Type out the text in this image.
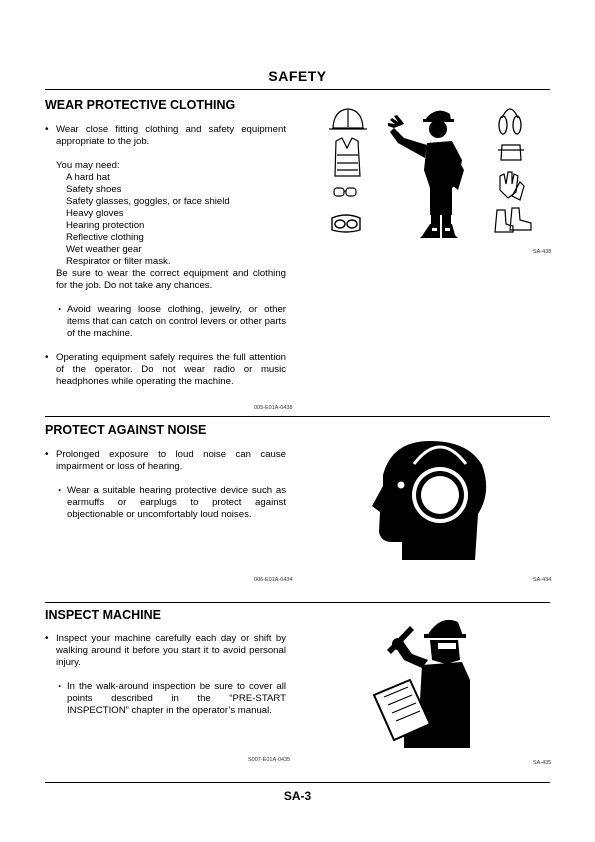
SAFETY
WEAR PROTECTIVE CLOTHING
• Wear close fitting clothing and safety equipment appropriate to the job.
You may need:
A hard hat
Safety shoes
Safety glasses, goggles, or face shield
Heavy gloves
Hearing protection
Reflective clothing
Wet weather gear
Respirator or filter mask.
Be sure to wear the correct equipment and clothing for the job. Do not take any chances.
· Avoid wearing loose clothing, jewelry, or other items that can catch on control levers or other parts of the machine.
• Operating equipment safely requires the full attention of the operator. Do not wear radio or music headphones while operating the machine.
005-E01A-0438
SA-438
PROTECT AGAINST NOISE
• Prolonged exposure to loud noise can cause impairment or loss of hearing.
· Wear a suitable hearing protective device such as earmuffs or earplugs to protect against objectionable or uncomfortably loud noises.
006-E01A-0434	SA-434
INSPECT MACHINE
• Inspect your machine carefully each day or shift by walking around it before you start it to avoid personal injury.
· In the walk-around inspection be sure to cover all points described in the “PRE-START INSPECTION” chapter in the operator’s manual.
S007-E01A-0435	SA-435
SA-3
